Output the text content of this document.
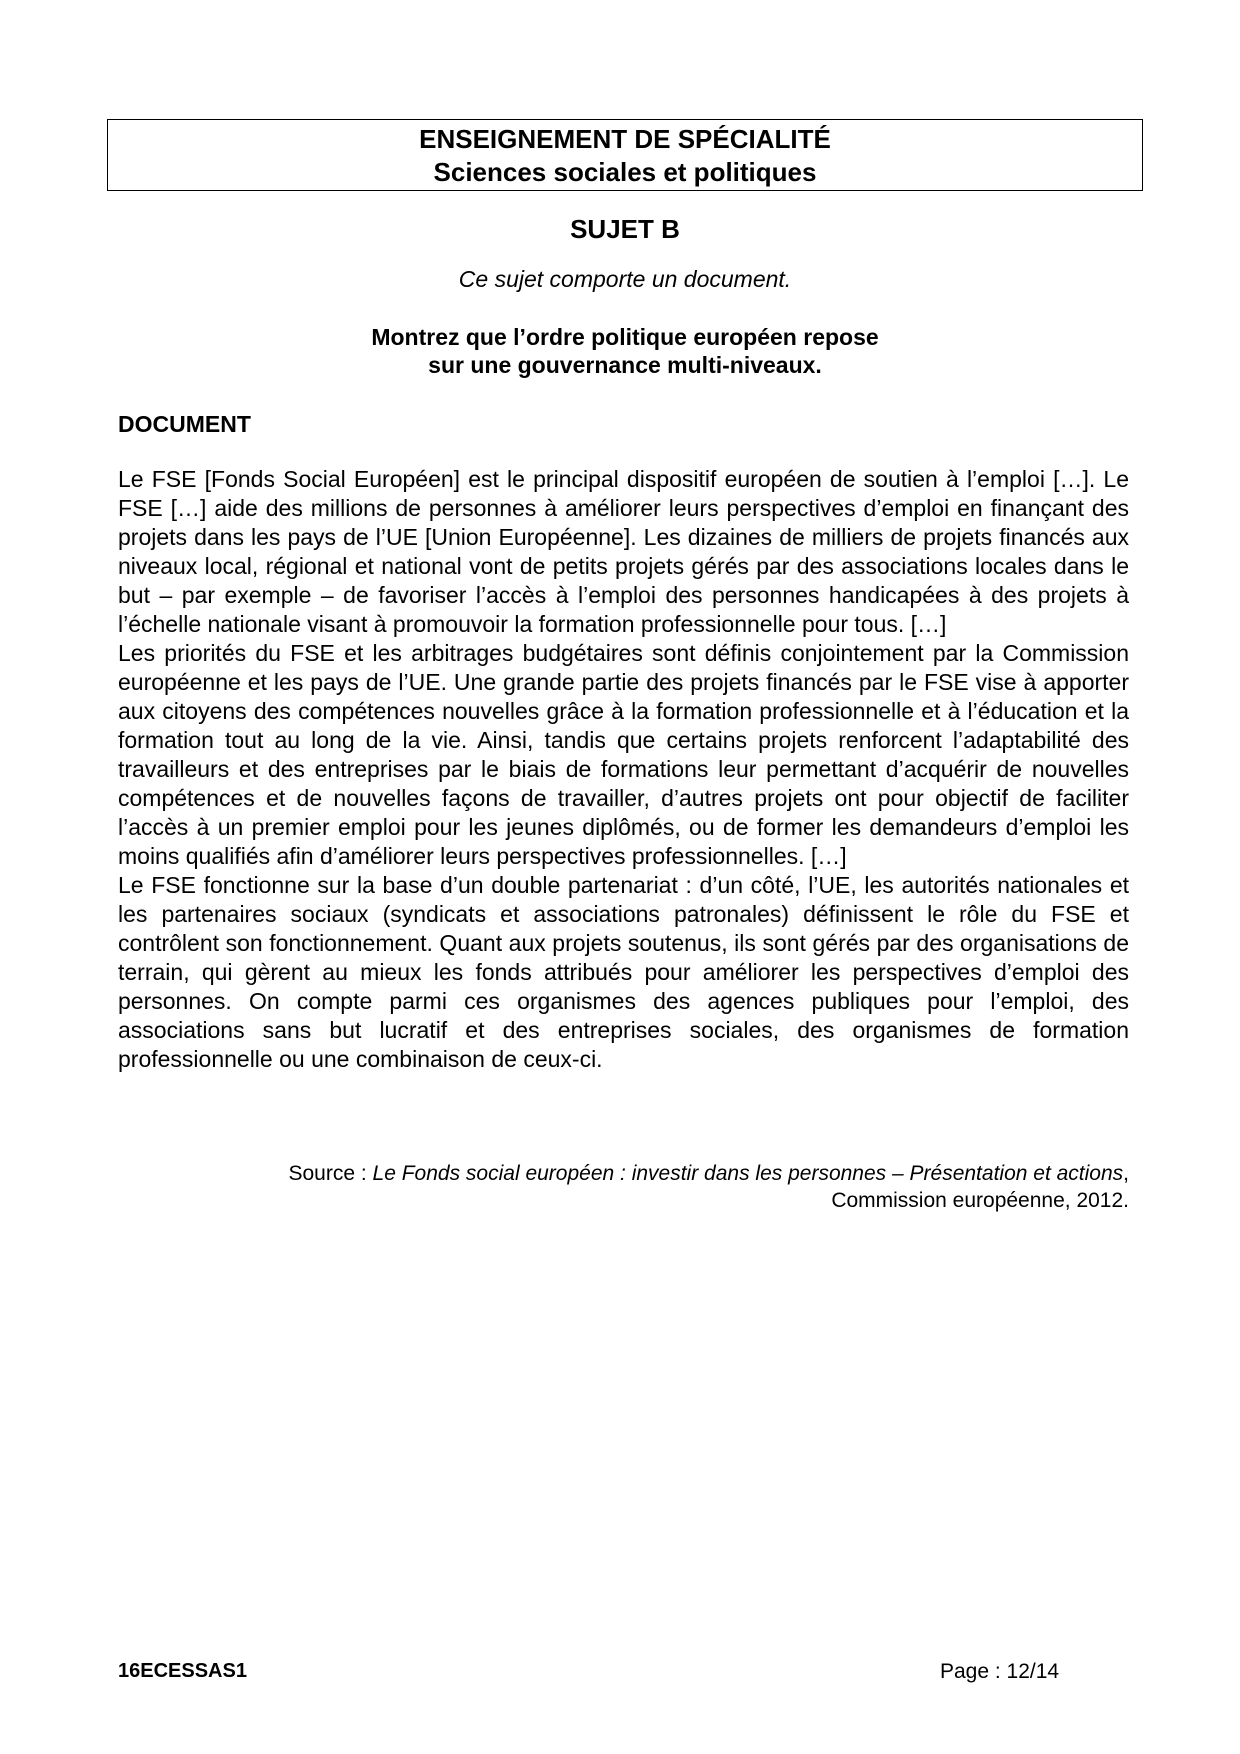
ENSEIGNEMENT DE SPÉCIALITÉ
Sciences sociales et politiques
SUJET B
Ce sujet comporte un document.
Montrez que l’ordre politique européen repose
sur une gouvernance multi-niveaux.
DOCUMENT

Le FSE [Fonds Social Européen] est le principal dispositif européen de soutien à l’emploi […]. Le FSE […] aide des millions de personnes à améliorer leurs perspectives d’emploi en finançant des projets dans les pays de l’UE [Union Européenne]. Les dizaines de milliers de projets financés aux niveaux local, régional et national vont de petits projets gérés par des associations locales dans le but – par exemple – de favoriser l’accès à l’emploi des personnes handicapées à des projets à l’échelle nationale visant à promouvoir la formation professionnelle pour tous. […]

Les priorités du FSE et les arbitrages budgétaires sont définis conjointement par la Commission européenne et les pays de l’UE. Une grande partie des projets financés par le FSE vise à apporter aux citoyens des compétences nouvelles grâce à la formation professionnelle et à l’éducation et la formation tout au long de la vie. Ainsi, tandis que certains projets renforcent l’adaptabilité des travailleurs et des entreprises par le biais de formations leur permettant d’acquérir de nouvelles compétences et de nouvelles façons de travailler, d’autres projets ont pour objectif de faciliter l’accès à un premier emploi pour les jeunes diplômés, ou de former les demandeurs d’emploi les moins qualifiés afin d’améliorer leurs perspectives professionnelles. […]

Le FSE fonctionne sur la base d’un double partenariat : d’un côté, l’UE, les autorités nationales et les partenaires sociaux (syndicats et associations patronales) définissent le rôle du FSE et contrôlent son fonctionnement. Quant aux projets soutenus, ils sont gérés par des organisations de terrain, qui gèrent au mieux les fonds attribués pour améliorer les perspectives d’emploi des personnes. On compte parmi ces organismes des agences publiques pour l’emploi, des associations sans but lucratif et des entreprises sociales, des organismes de formation professionnelle ou une combinaison de ceux-ci.

Source : Le Fonds social européen : investir dans les personnes – Présentation et actions,
Commission européenne, 2012.
16ECESSAS1	Page : 12/14
